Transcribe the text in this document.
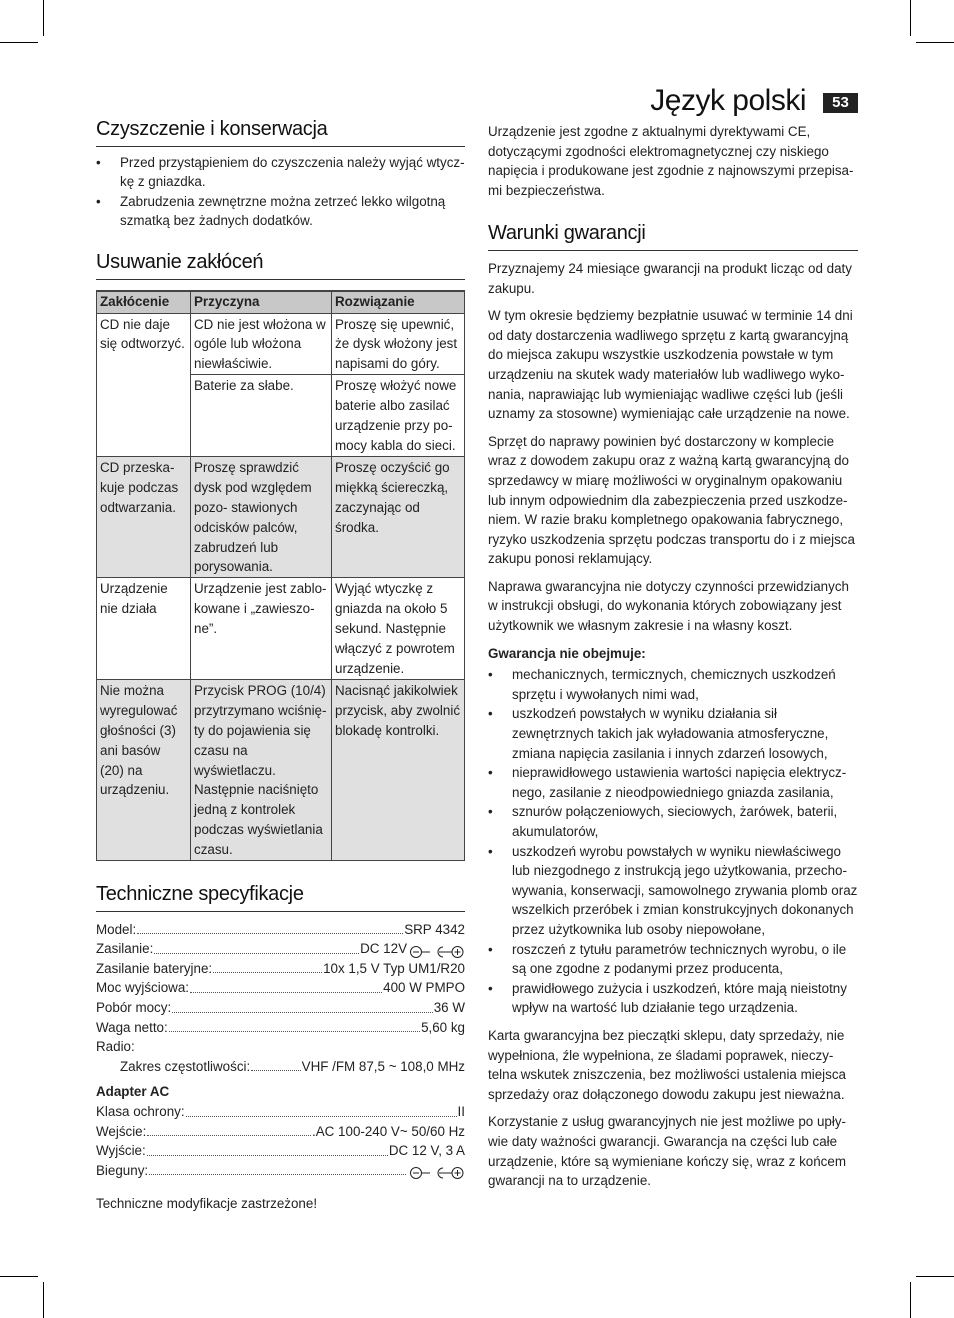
Język polski	53
Czyszczenie i konserwacja
• Przed przystąpieniem do czyszczenia należy wyjąć wtycz- kę z gniazdka.
• Zabrudzenia zewnętrzne można zetrzeć lekko wilgotną szmatką bez żadnych dodatków.
Usuwanie zakłóceń
Zakłócenie	Przyczyna	Rozwiązanie
CD nie daje się odtworzyć.	CD nie jest włożona w ogóle lub włożona niewłaściwie.	Proszę się upewnić, że dysk włożony jest napisami do góry.
	Baterie za słabe.	Proszę włożyć nowe baterie albo zasilać urządzenie przy po- mocy kabla do sieci.
CD przeska- kuje podczas odtwarzania.	Proszę sprawdzić dysk pod względem pozo- stawionych odcisków palców, zabrudzeń lub porysowania.	Proszę oczyścić go miękką ściereczką, zaczynając od środka.
Urządzenie nie działa	Urządzenie jest zablo- kowane i „zawieszo- ne”.	Wyjąć wtyczkę z gniazda na około 5 sekund. Następnie włączyć z powrotem urządzenie.
Nie można wyregulować głośności (3) ani basów (20) na urządzeniu.	Przycisk PROG (10/4) przytrzymano wciśnię- ty do pojawienia się czasu na wyświetlaczu. Następnie naciśnięto jedną z kontrolek podczas wyświetlania czasu.	Nacisnąć jakikolwiek przycisk, aby zwolnić blokadę kontrolki.
Techniczne specyfikacje
Model:	SRP 4342
Zasilanie:	DC 12V
Zasilanie bateryjne:	10x 1,5 V Typ UM1/R20
Moc wyjściowa:	400 W PMPO
Pobór mocy:	36 W
Waga netto:	5,60 kg
Radio:
Zakres częstotliwości:	VHF /FM 87,5 ~ 108,0 MHz
Adapter AC
Klasa ochrony:	II
Wejście:	.AC 100-240 V~ 50/60 Hz
Wyjście:	DC 12 V, 3 A
Bieguny:

Techniczne modyfikacje zastrzeżone!

Urządzenie jest zgodne z aktualnymi dyrektywami CE, dotyczącymi zgodności elektromagnetycznej czy niskiego napięcia i produkowane jest zgodnie z najnowszymi przepisa- mi bezpieczeństwa.

Warunki gwarancji

Przyznajemy 24 miesiące gwarancji na produkt licząc od daty zakupu.

W tym okresie będziemy bezpłatnie usuwać w terminie 14 dni od daty dostarczenia wadliwego sprzętu z kartą gwarancyjną do miejsca zakupu wszystkie uszkodzenia powstałe w tym urządzeniu na skutek wady materiałów lub wadliwego wyko- nania, naprawiając lub wymieniając wadliwe części lub (jeśli uznamy za stosowne) wymieniając całe urządzenie na nowe.

Sprzęt do naprawy powinien być dostarczony w komplecie wraz z dowodem zakupu oraz z ważną kartą gwarancyjną do sprzedawcy w miarę możliwości w oryginalnym opakowaniu lub innym odpowiednim dla zabezpieczenia przed uszkodze- niem. W razie braku kompletnego opakowania fabrycznego, ryzyko uszkodzenia sprzętu podczas transportu do i z miejsca zakupu ponosi reklamujący.

Naprawa gwarancyjna nie dotyczy czynności przewidzianych w instrukcji obsługi, do wykonania których zobowiązany jest użytkownik we własnym zakresie i na własny koszt.

Gwarancja nie obejmuje:

• mechanicznych, termicznych, chemicznych uszkodzeń sprzętu i wywołanych nimi wad,
• uszkodzeń powstałych w wyniku działania sił zewnętrznych takich jak wyładowania atmosferyczne, zmiana napięcia zasilania i innych zdarzeń losowych,
• nieprawidłowego ustawienia wartości napięcia elektrycz- nego, zasilanie z nieodpowiedniego gniazda zasilania,
• sznurów połączeniowych, sieciowych, żarówek, baterii, akumulatorów,
• uszkodzeń wyrobu powstałych w wyniku niewłaściwego lub niezgodnego z instrukcją jego użytkowania, przecho- wywania, konserwacji, samowolnego zrywania plomb oraz wszelkich przeróbek i zmian konstrukcyjnych dokonanych przez użytkownika lub osoby niepowołane,
• roszczeń z tytułu parametrów technicznych wyrobu, o ile są one zgodne z podanymi przez producenta,
• prawidłowego zużycia i uszkodzeń, które mają nieistotny wpływ na wartość lub działanie tego urządzenia.

Karta gwarancyjna bez pieczątki sklepu, daty sprzedaży, nie wypełniona, źle wypełniona, ze śladami poprawek, nieczy- telna wskutek zniszczenia, bez możliwości ustalenia miejsca sprzedaży oraz dołączonego dowodu zakupu jest nieważna.

Korzystanie z usług gwarancyjnych nie jest możliwe po upły- wie daty ważności gwarancji. Gwarancja na części lub całe urządzenie, które są wymieniane kończy się, wraz z końcem gwarancji na to urządzenie.
